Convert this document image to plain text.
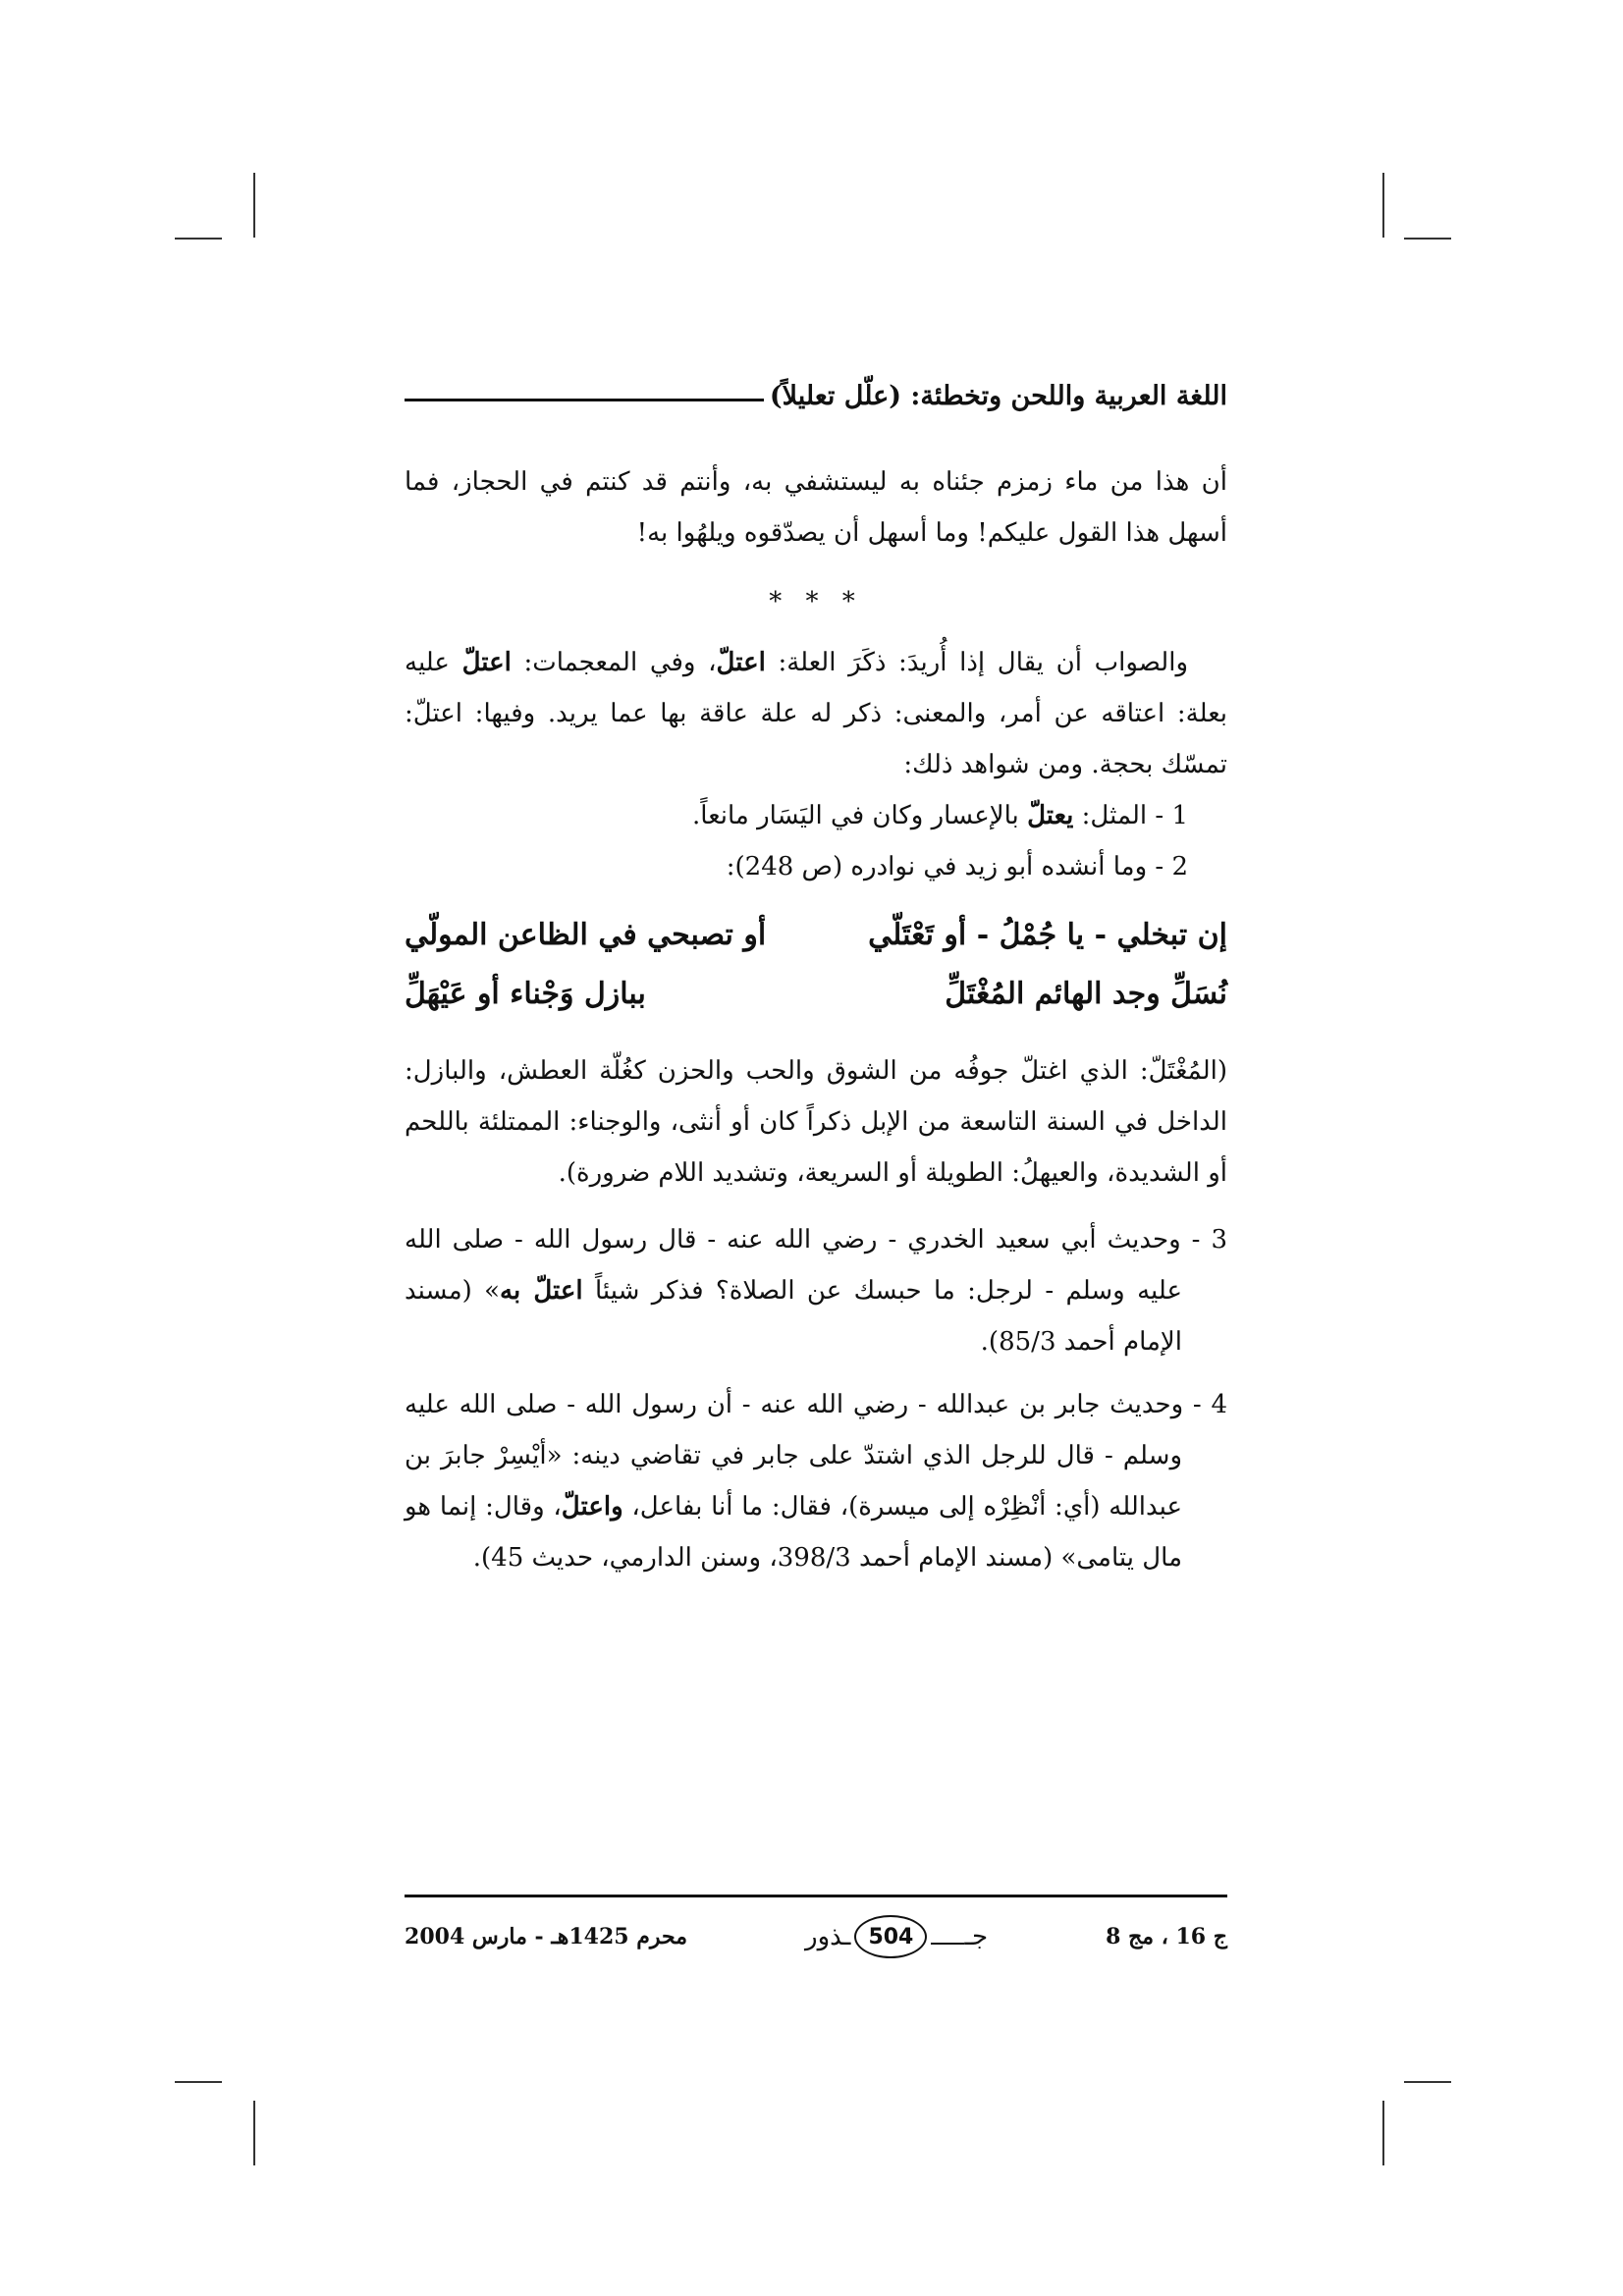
اللغة العربية واللحن وتخطئة: (علّل تعليلاً)

أن هذا من ماء زمزم جئناه به ليستشفي به، وأنتم قد كنتم في الحجاز، فما أسهل هذا القول عليكم! وما أسهل أن يصدّقوه ويلهُوا به!

* * *

والصواب أن يقال إذا أُريدَ: ذكَرَ العلة: اعتلّ، وفي المعجمات: اعتلّ عليه بعلة: اعتاقه عن أمر، والمعنى: ذكر له علة عاقة بها عما يريد. وفيها: اعتلّ: تمسّك بحجة. ومن شواهد ذلك:

1 - المثل: يعتلّ بالإعسار وكان في اليَسَار مانعاً.

2 - وما أنشده أبو زيد في نوادره (ص 248):

إن تبخلي - يا جُمْلُ - أو تَعْتَلّي
أو تصبحي في الظاعن المولّي
نُسَلِّ وجد الهائم المُغْتَلِّ
ببازل وَجْناء أو عَيْهَلِّ

(المُغْتَلّ: الذي اغتلّ جوفُه من الشوق والحب والحزن كغُلّة العطش، والبازل: الداخل في السنة التاسعة من الإبل ذكراً كان أو أنثى، والوجناء: الممتلئة باللحم أو الشديدة، والعيهلُ: الطويلة أو السريعة، وتشديد اللام ضرورة).

3 - وحديث أبي سعيد الخدري - رضي الله عنه - قال رسول الله - صلى الله عليه وسلم - لرجل: ما حبسك عن الصلاة؟ فذكر شيئاً اعتلّ به» (مسند الإمام أحمد 85/3).

4 - وحديث جابر بن عبدالله - رضي الله عنه - أن رسول الله - صلى الله عليه وسلم - قال للرجل الذي اشتدّ على جابر في تقاضي دينه: «أيْسِرْ جابرَ بن عبدالله (أي: أنْظِرْه إلى ميسرة)، فقال: ما أنا بفاعل، واعتلّ، وقال: إنما هو مال يتامى» (مسند الإمام أحمد 398/3، وسنن الدارمي، حديث 45).

ج 16 ، مج 8
جـ
504
ـذور
محرم 1425هـ - مارس 2004
